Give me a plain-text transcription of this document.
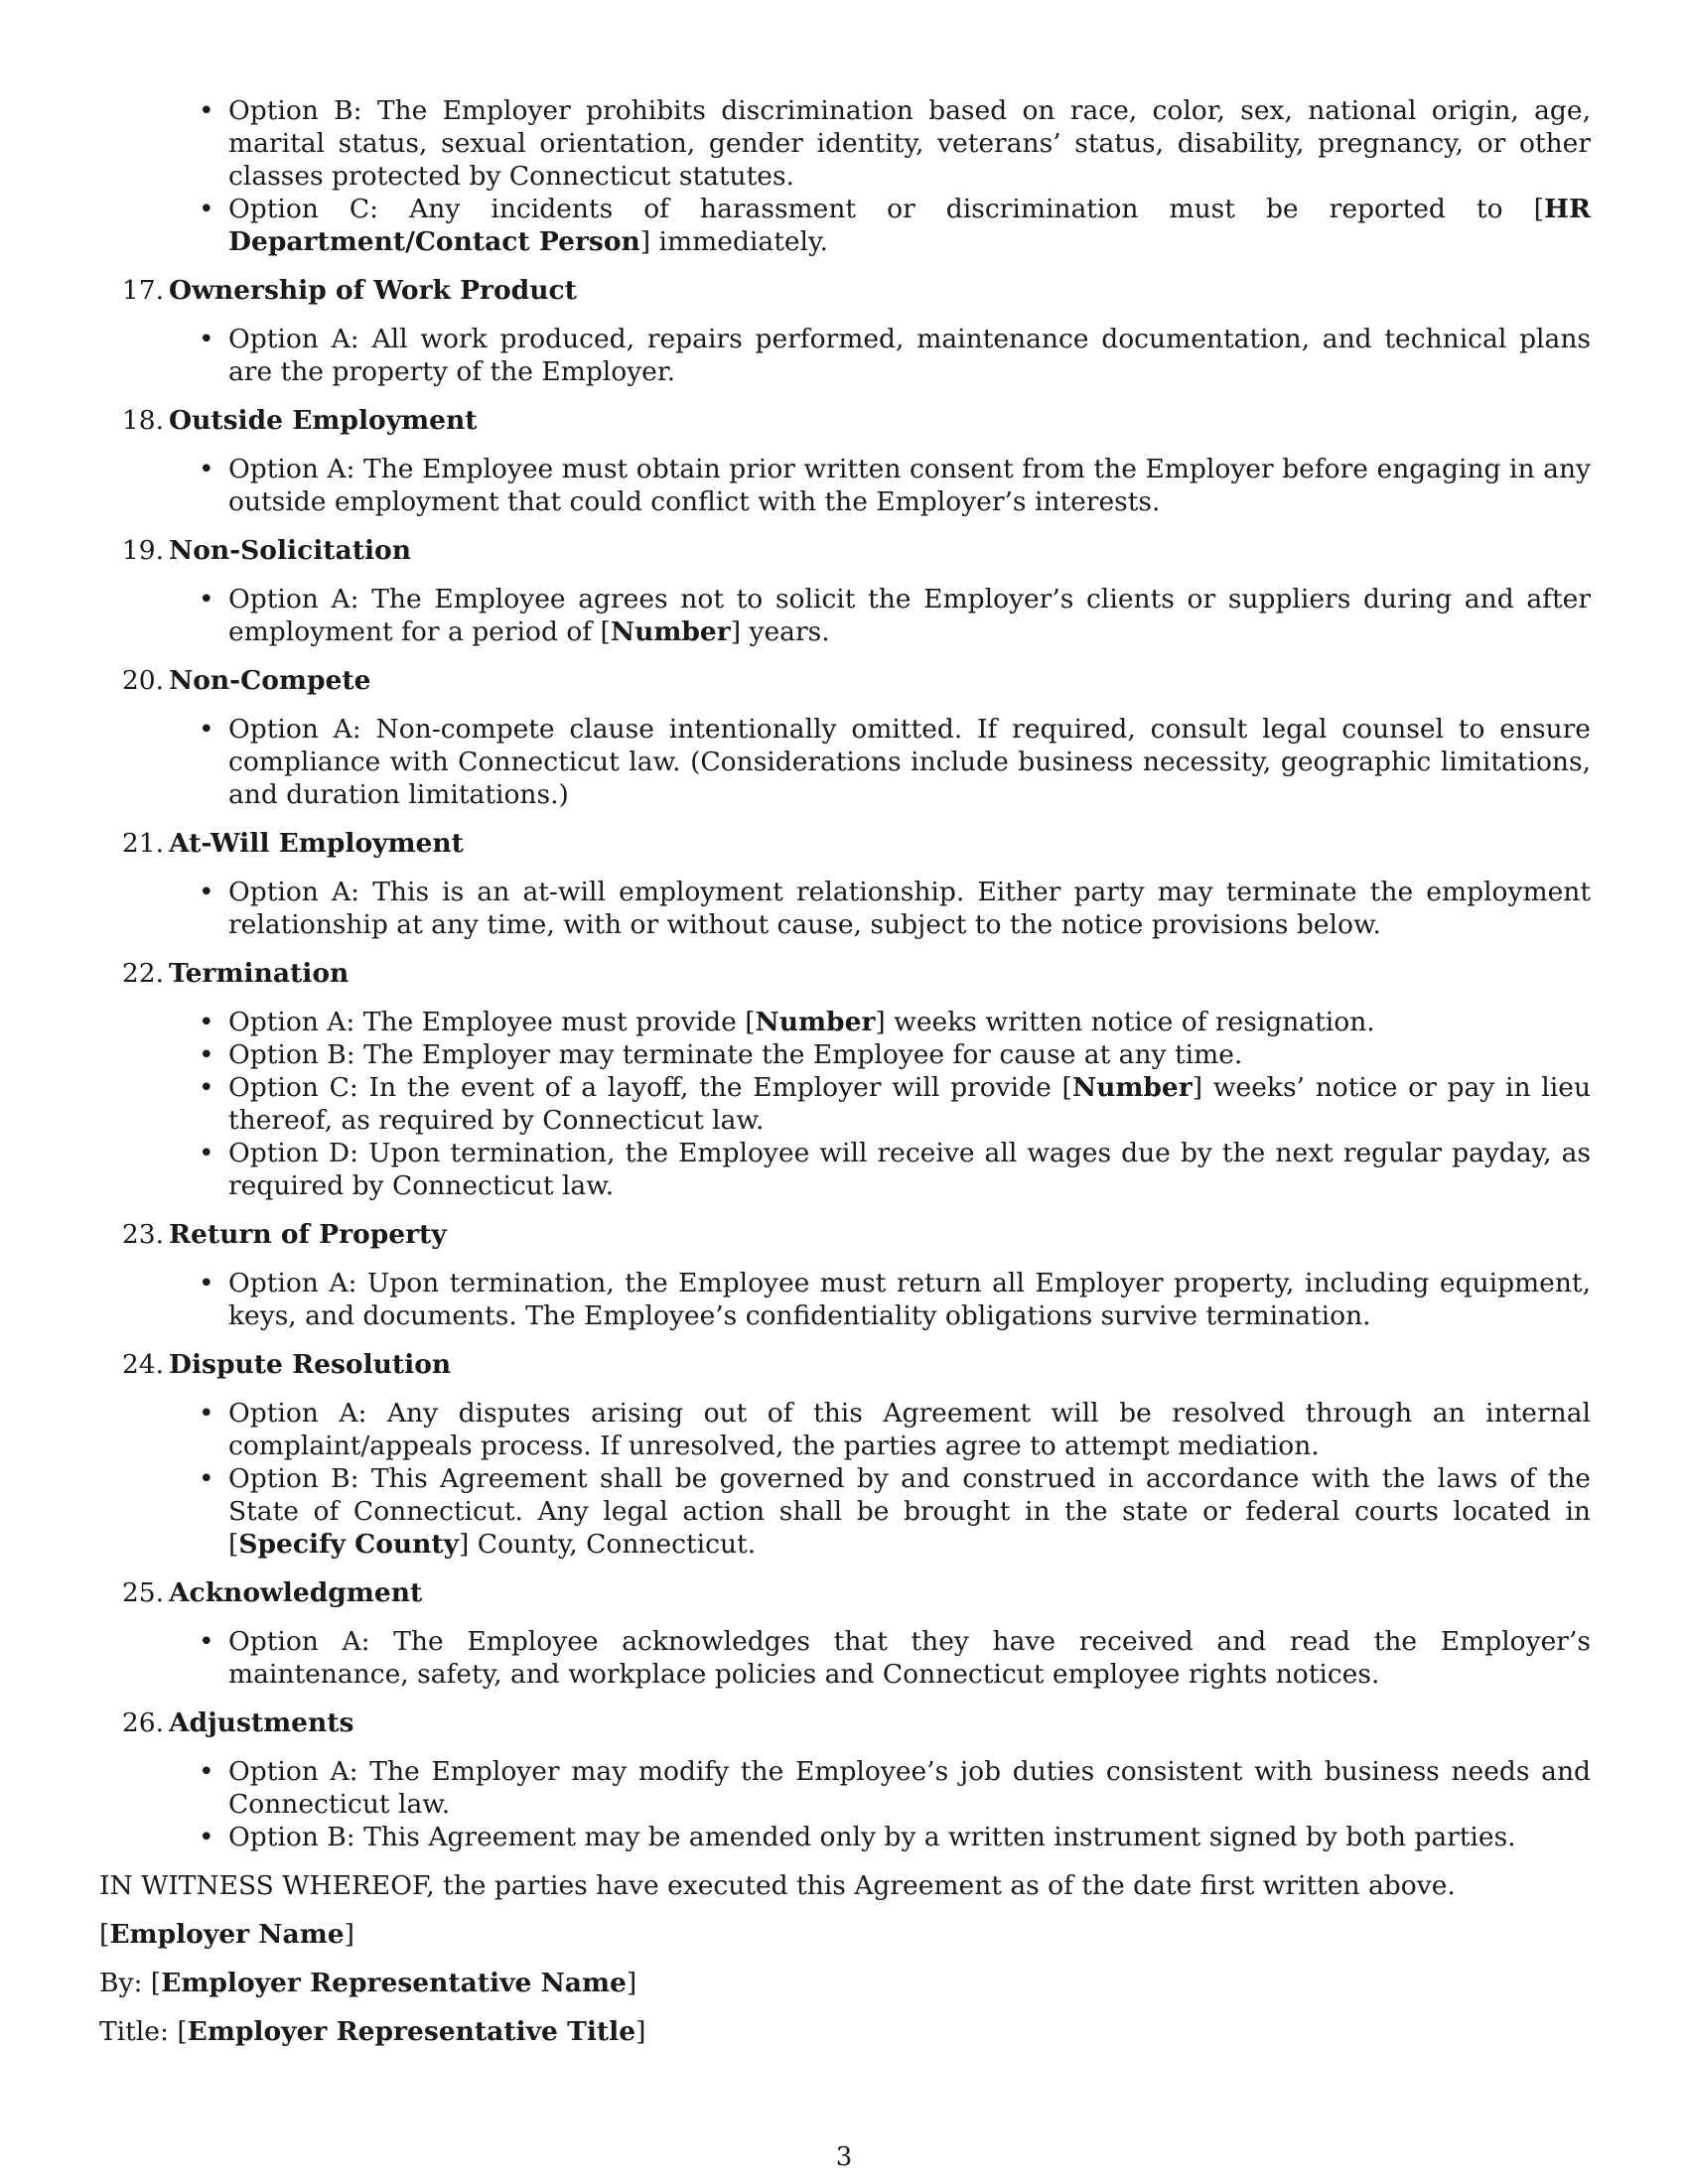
• Option B: The Employer prohibits discrimination based on race, color, sex, national origin, age, marital status, sexual orientation, gender identity, veterans’ status, disability, pregnancy, or other classes protected by Connecticut statutes.
• Option C: Any incidents of harassment or discrimination must be reported to [HR Department/Contact Person] immediately.
17. Ownership of Work Product
• Option A: All work produced, repairs performed, maintenance documentation, and technical plans are the property of the Employer.
18. Outside Employment
• Option A: The Employee must obtain prior written consent from the Employer before engaging in any outside employment that could conflict with the Employer’s interests.
19. Non-Solicitation
• Option A: The Employee agrees not to solicit the Employer’s clients or suppliers during and after employment for a period of [Number] years.
20. Non-Compete
• Option A: Non-compete clause intentionally omitted. If required, consult legal counsel to ensure compliance with Connecticut law. (Considerations include business necessity, geographic limitations, and duration limitations.)
21. At-Will Employment
• Option A: This is an at-will employment relationship. Either party may terminate the employment relationship at any time, with or without cause, subject to the notice provisions below.
22. Termination
• Option A: The Employee must provide [Number] weeks written notice of resignation.
• Option B: The Employer may terminate the Employee for cause at any time.
• Option C: In the event of a layoff, the Employer will provide [Number] weeks’ notice or pay in lieu thereof, as required by Connecticut law.
• Option D: Upon termination, the Employee will receive all wages due by the next regular payday, as required by Connecticut law.
23. Return of Property
• Option A: Upon termination, the Employee must return all Employer property, including equipment, keys, and documents. The Employee’s confidentiality obligations survive termination.
24. Dispute Resolution
• Option A: Any disputes arising out of this Agreement will be resolved through an internal complaint/appeals process. If unresolved, the parties agree to attempt mediation.
• Option B: This Agreement shall be governed by and construed in accordance with the laws of the State of Connecticut. Any legal action shall be brought in the state or federal courts located in [Specify County] County, Connecticut.
25. Acknowledgment
• Option A: The Employee acknowledges that they have received and read the Employer’s maintenance, safety, and workplace policies and Connecticut employee rights notices.
26. Adjustments
• Option A: The Employer may modify the Employee’s job duties consistent with business needs and Connecticut law.
• Option B: This Agreement may be amended only by a written instrument signed by both parties.

IN WITNESS WHEREOF, the parties have executed this Agreement as of the date first written above.

[Employer Name]

By: [Employer Representative Name]

Title: [Employer Representative Title]

3
